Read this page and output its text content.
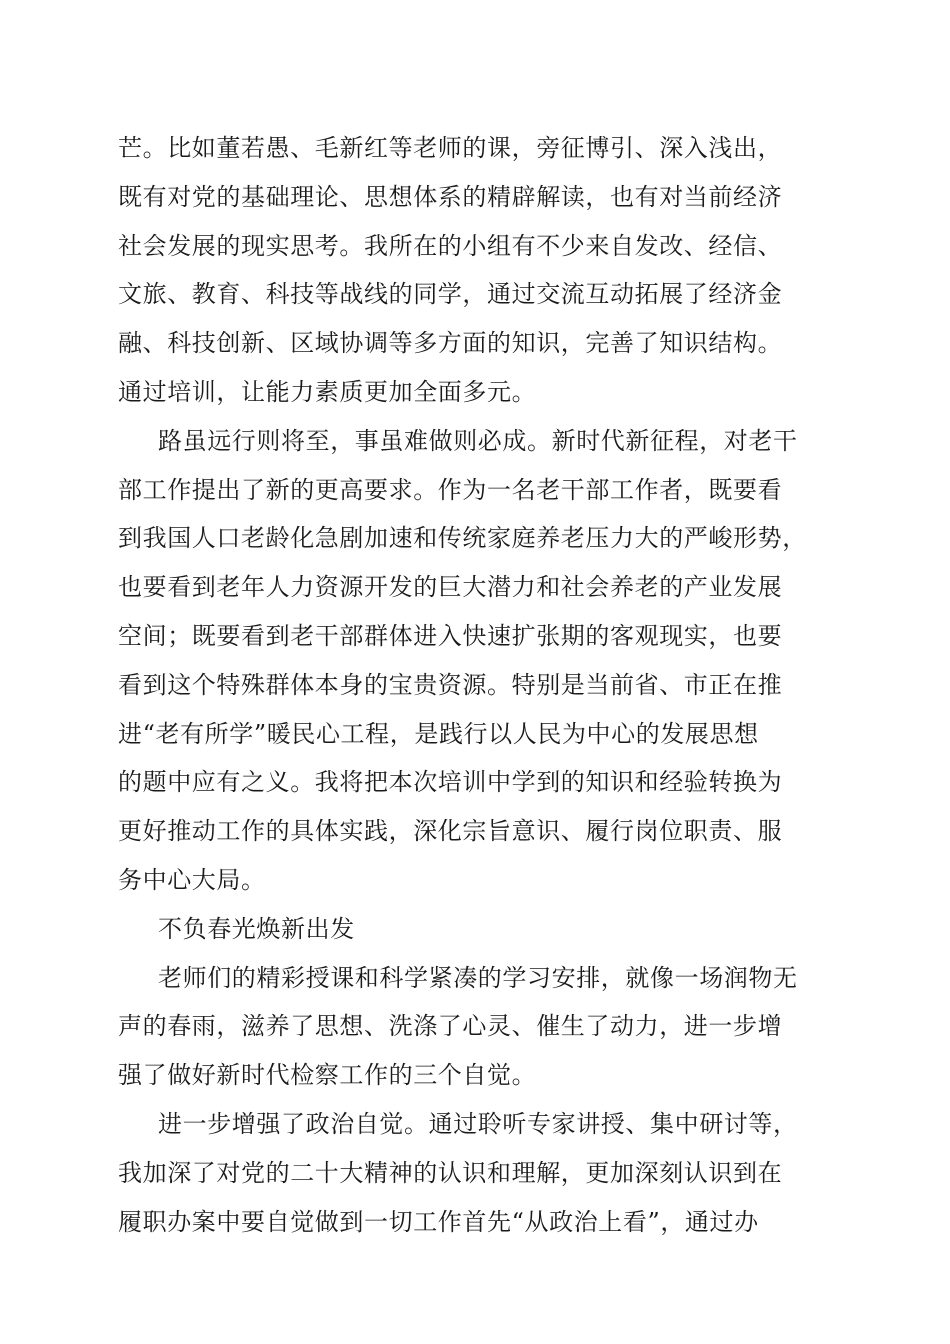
芒。比如董若愚、毛新红等老师的课，旁征博引、深入浅出，
既有对党的基础理论、思想体系的精辟解读，也有对当前经济
社会发展的现实思考。我所在的小组有不少来自发改、经信、
文旅、教育、科技等战线的同学，通过交流互动拓展了经济金
融、科技创新、区域协调等多方面的知识，完善了知识结构。
通过培训，让能力素质更加全面多元。
路虽远行则将至，事虽难做则必成。新时代新征程，对老干
部工作提出了新的更高要求。作为一名老干部工作者，既要看
到我国人口老龄化急剧加速和传统家庭养老压力大的严峻形势，
也要看到老年人力资源开发的巨大潜力和社会养老的产业发展
空间；既要看到老干部群体进入快速扩张期的客观现实，也要
看到这个特殊群体本身的宝贵资源。特别是当前省、市正在推
进“老有所学”暖民心工程，是践行以人民为中心的发展思想
的题中应有之义。我将把本次培训中学到的知识和经验转换为
更好推动工作的具体实践，深化宗旨意识、履行岗位职责、服
务中心大局。
不负春光焕新出发
老师们的精彩授课和科学紧凑的学习安排，就像一场润物无
声的春雨，滋养了思想、洗涤了心灵、催生了动力，进一步增
强了做好新时代检察工作的三个自觉。
进一步增强了政治自觉。通过聆听专家讲授、集中研讨等，
我加深了对党的二十大精神的认识和理解，更加深刻认识到在
履职办案中要自觉做到一切工作首先“从政治上看”，通过办
